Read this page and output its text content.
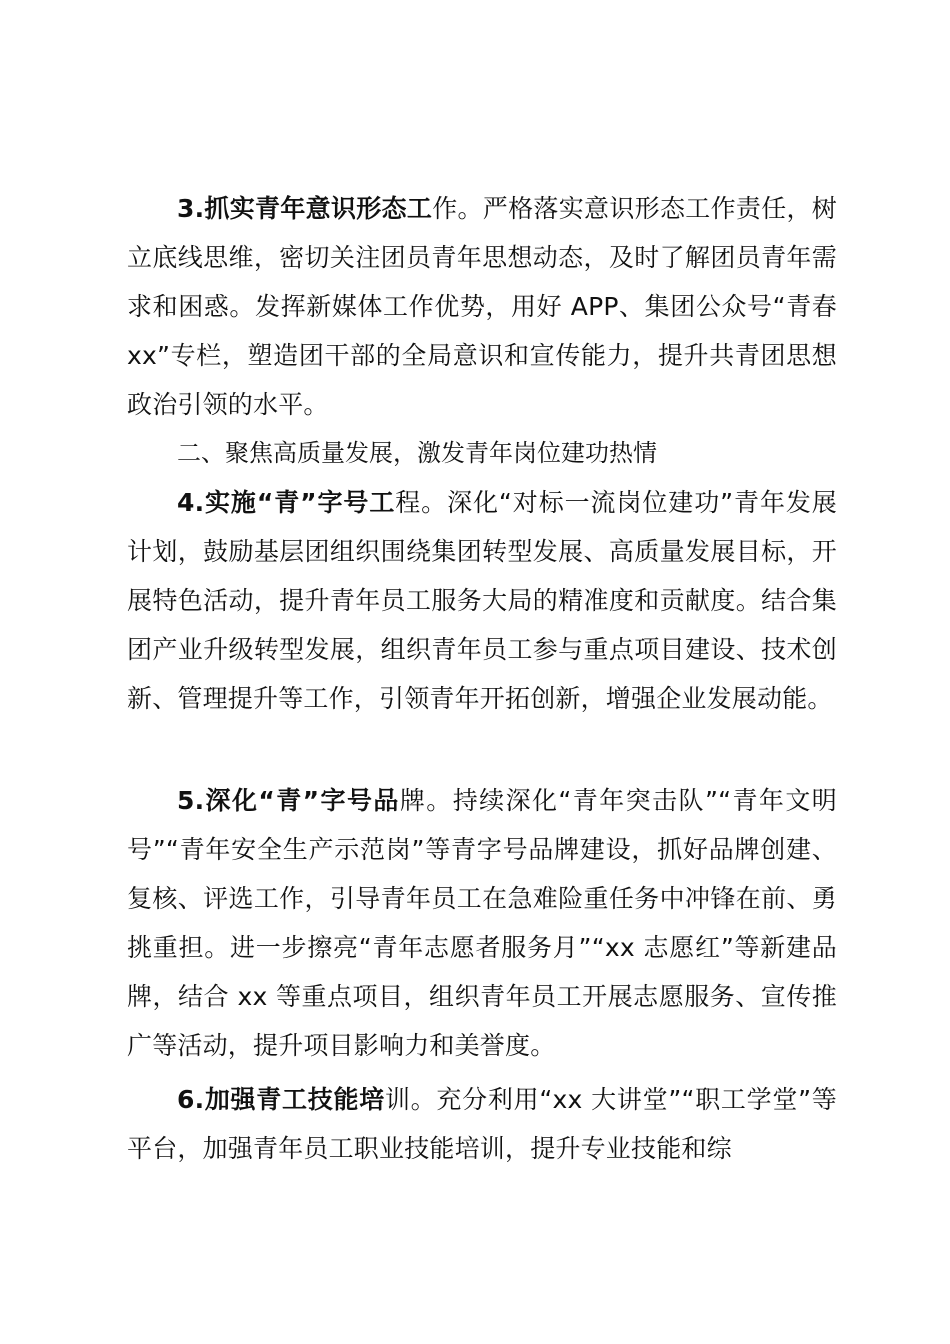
3.抓实青年意识形态工作。严格落实意识形态工作责任，树立底线思维，密切关注团员青年思想动态，及时了解团员青年需求和困惑。发挥新媒体工作优势，用好 APP、集团公众号“青春 xx”专栏，塑造团干部的全局意识和宣传能力，提升共青团思想政治引领的水平。

二、聚焦高质量发展，激发青年岗位建功热情

4.实施“青”字号工程。深化“对标一流岗位建功”青年发展计划，鼓励基层团组织围绕集团转型发展、高质量发展目标，开展特色活动，提升青年员工服务大局的精准度和贡献度。结合集团产业升级转型发展，组织青年员工参与重点项目建设、技术创新、管理提升等工作，引领青年开拓创新，增强企业发展动能。

5.深化“青”字号品牌。持续深化“青年突击队”“青年文明号”“青年安全生产示范岗”等青字号品牌建设，抓好品牌创建、复核、评选工作，引导青年员工在急难险重任务中冲锋在前、勇挑重担。进一步擦亮“青年志愿者服务月”“xx 志愿红”等新建品牌，结合 xx 等重点项目，组织青年员工开展志愿服务、宣传推广等活动，提升项目影响力和美誉度。

6.加强青工技能培训。充分利用“xx 大讲堂”“职工学堂”等平台，加强青年员工职业技能培训，提升专业技能和综
